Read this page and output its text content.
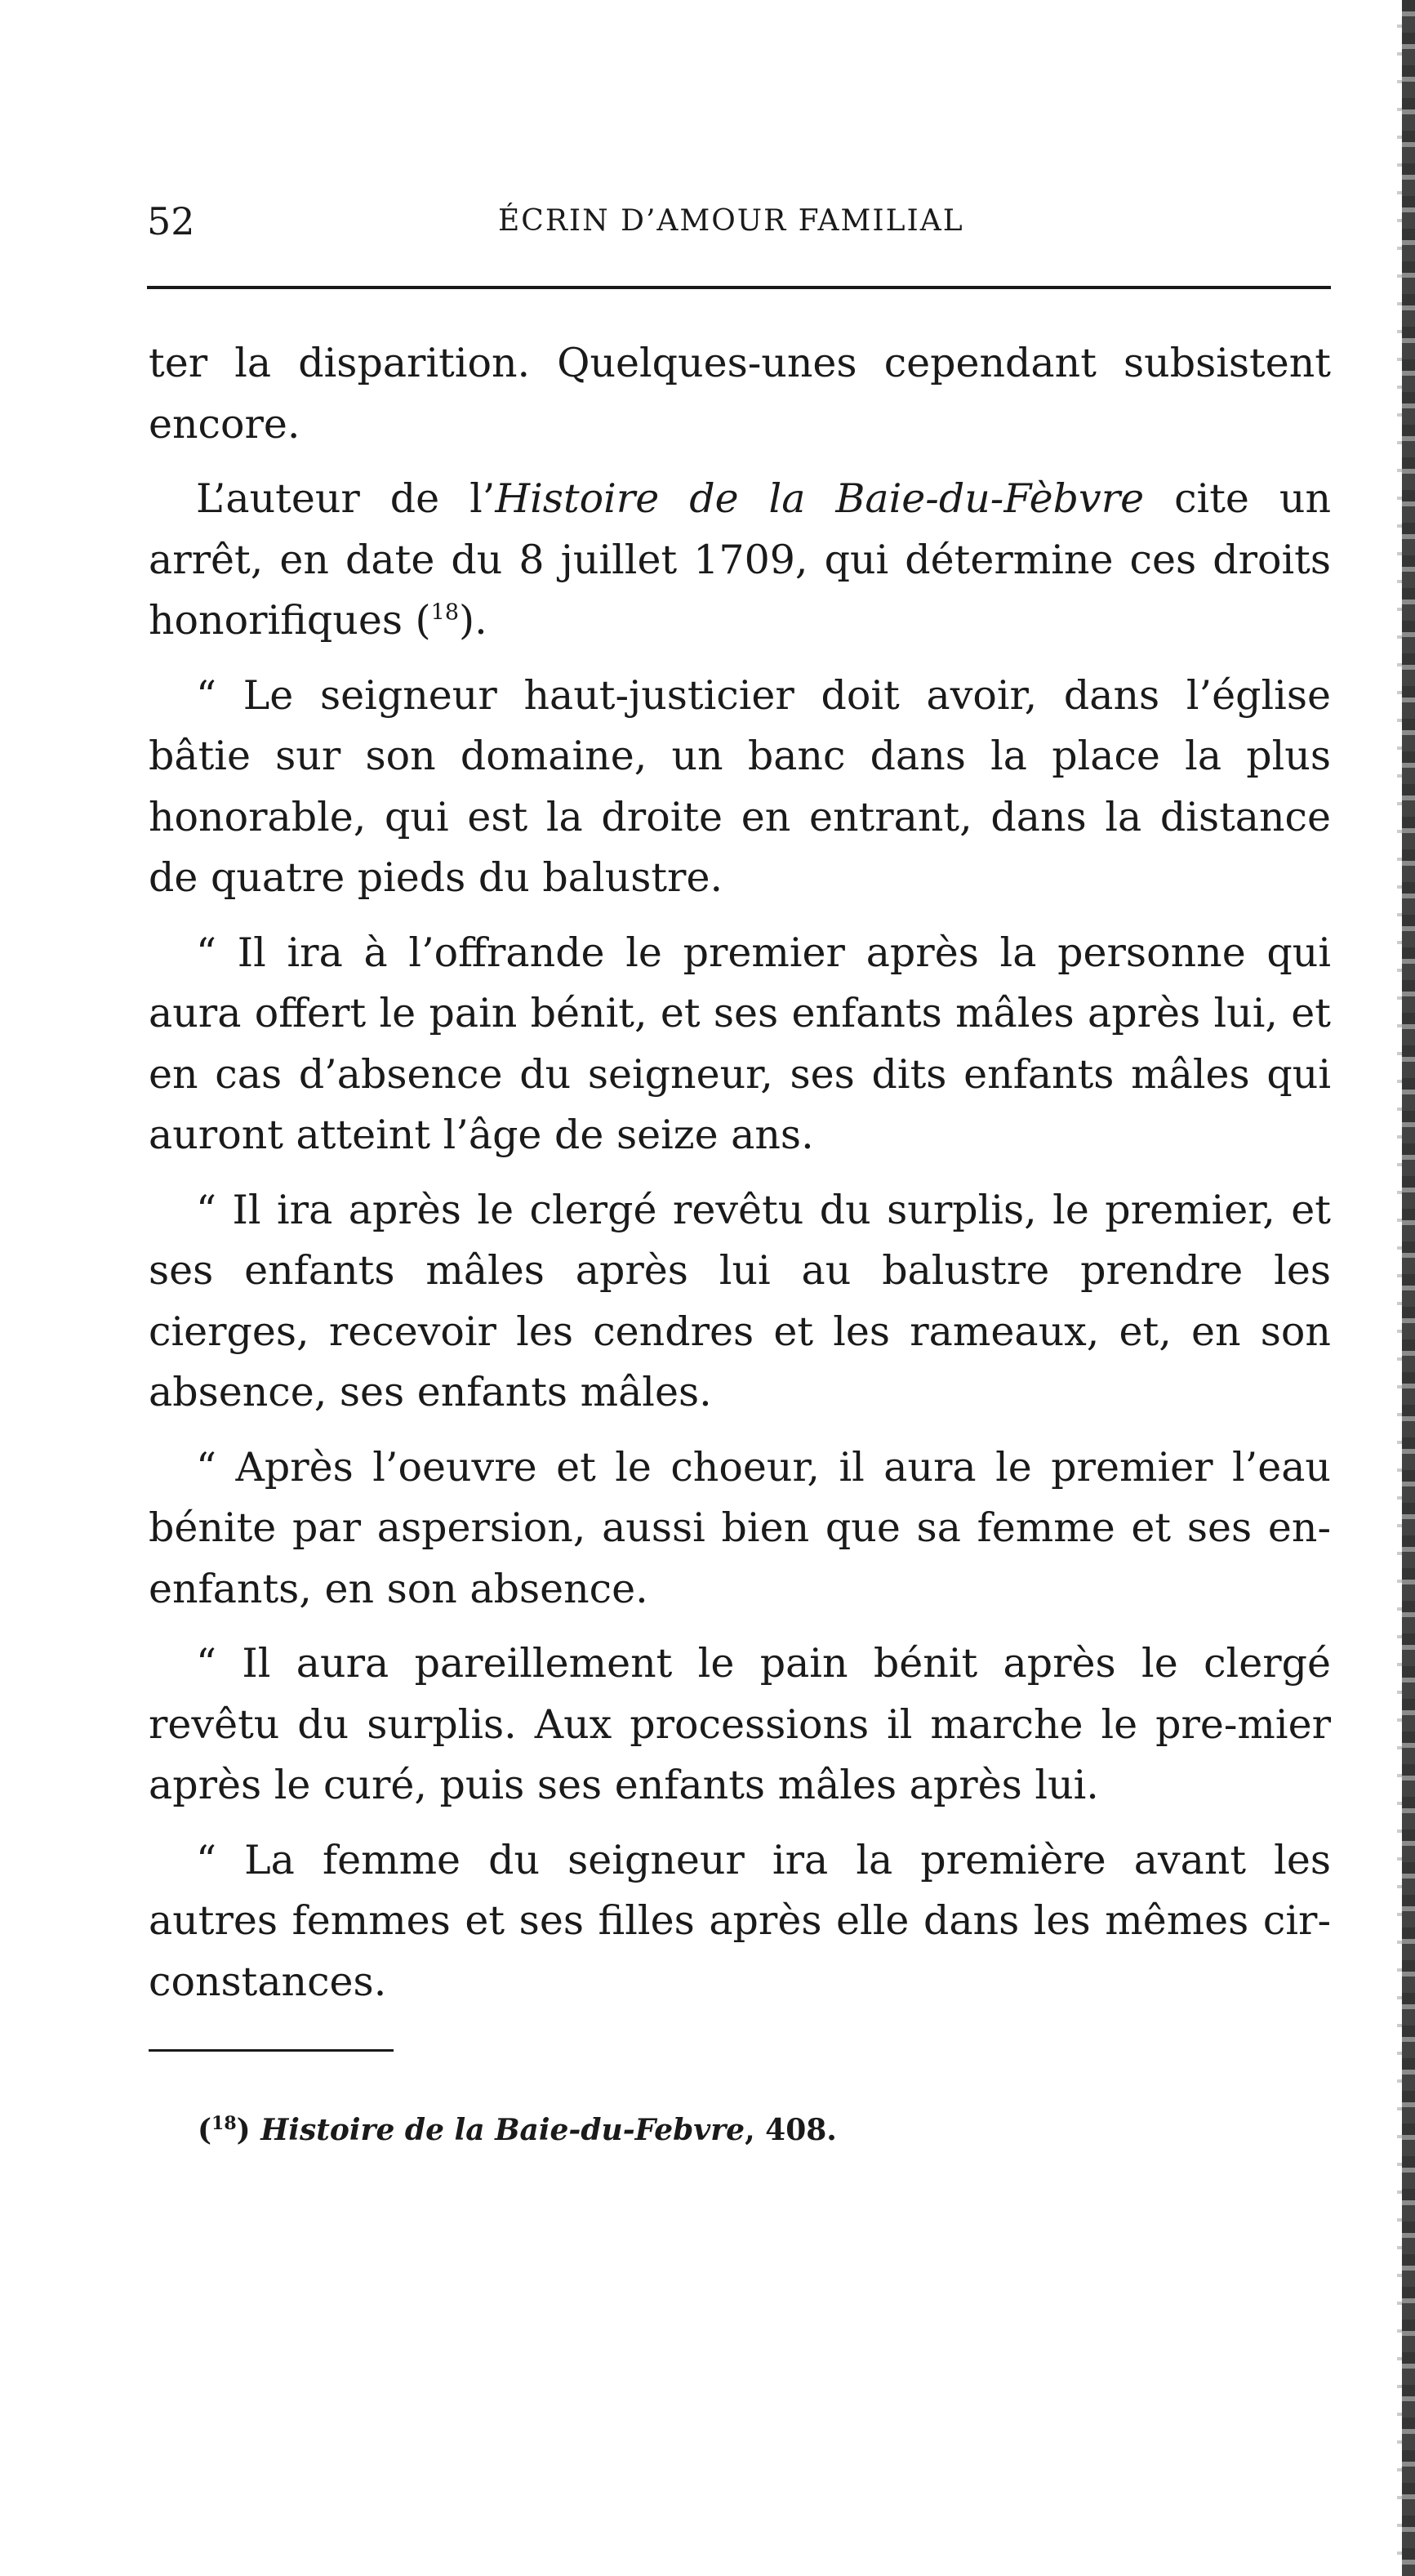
52	ÉCRIN D’AMOUR FAMILIAL

ter la disparition. Quelques-unes cependant subsistent encore.

L’auteur de l’Histoire de la Baie-du-Fèbvre cite un arrêt, en date du 8 juillet 1709, qui détermine ces droits honorifiques ($^{18}$).

“ Le seigneur haut-justicier doit avoir, dans l’église bâtie sur son domaine, un banc dans la place la plus honorable, qui est la droite en entrant, dans la distance de quatre pieds du balustre.

“ Il ira à l’offrande le premier après la personne qui aura offert le pain bénit, et ses enfants mâles après lui, et en cas d’absence du seigneur, ses dits enfants mâles qui auront atteint l’âge de seize ans.

“ Il ira après le clergé revêtu du surplis, le premier, et ses enfants mâles après lui au balustre prendre les cierges, recevoir les cendres et les rameaux, et, en son absence, ses enfants mâles.

“ Après l’oeuvre et le choeur, il aura le premier l’eau bénite par aspersion, aussi bien que sa femme et ses en-enfants, en son absence.

“ Il aura pareillement le pain bénit après le clergé revêtu du surplis. Aux processions il marche le pre-mier après le curé, puis ses enfants mâles après lui.

“ La femme du seigneur ira la première avant les autres femmes et ses filles après elle dans les mêmes cir-constances.

($^{18}$) Histoire de la Baie-du-Febvre, 408.
